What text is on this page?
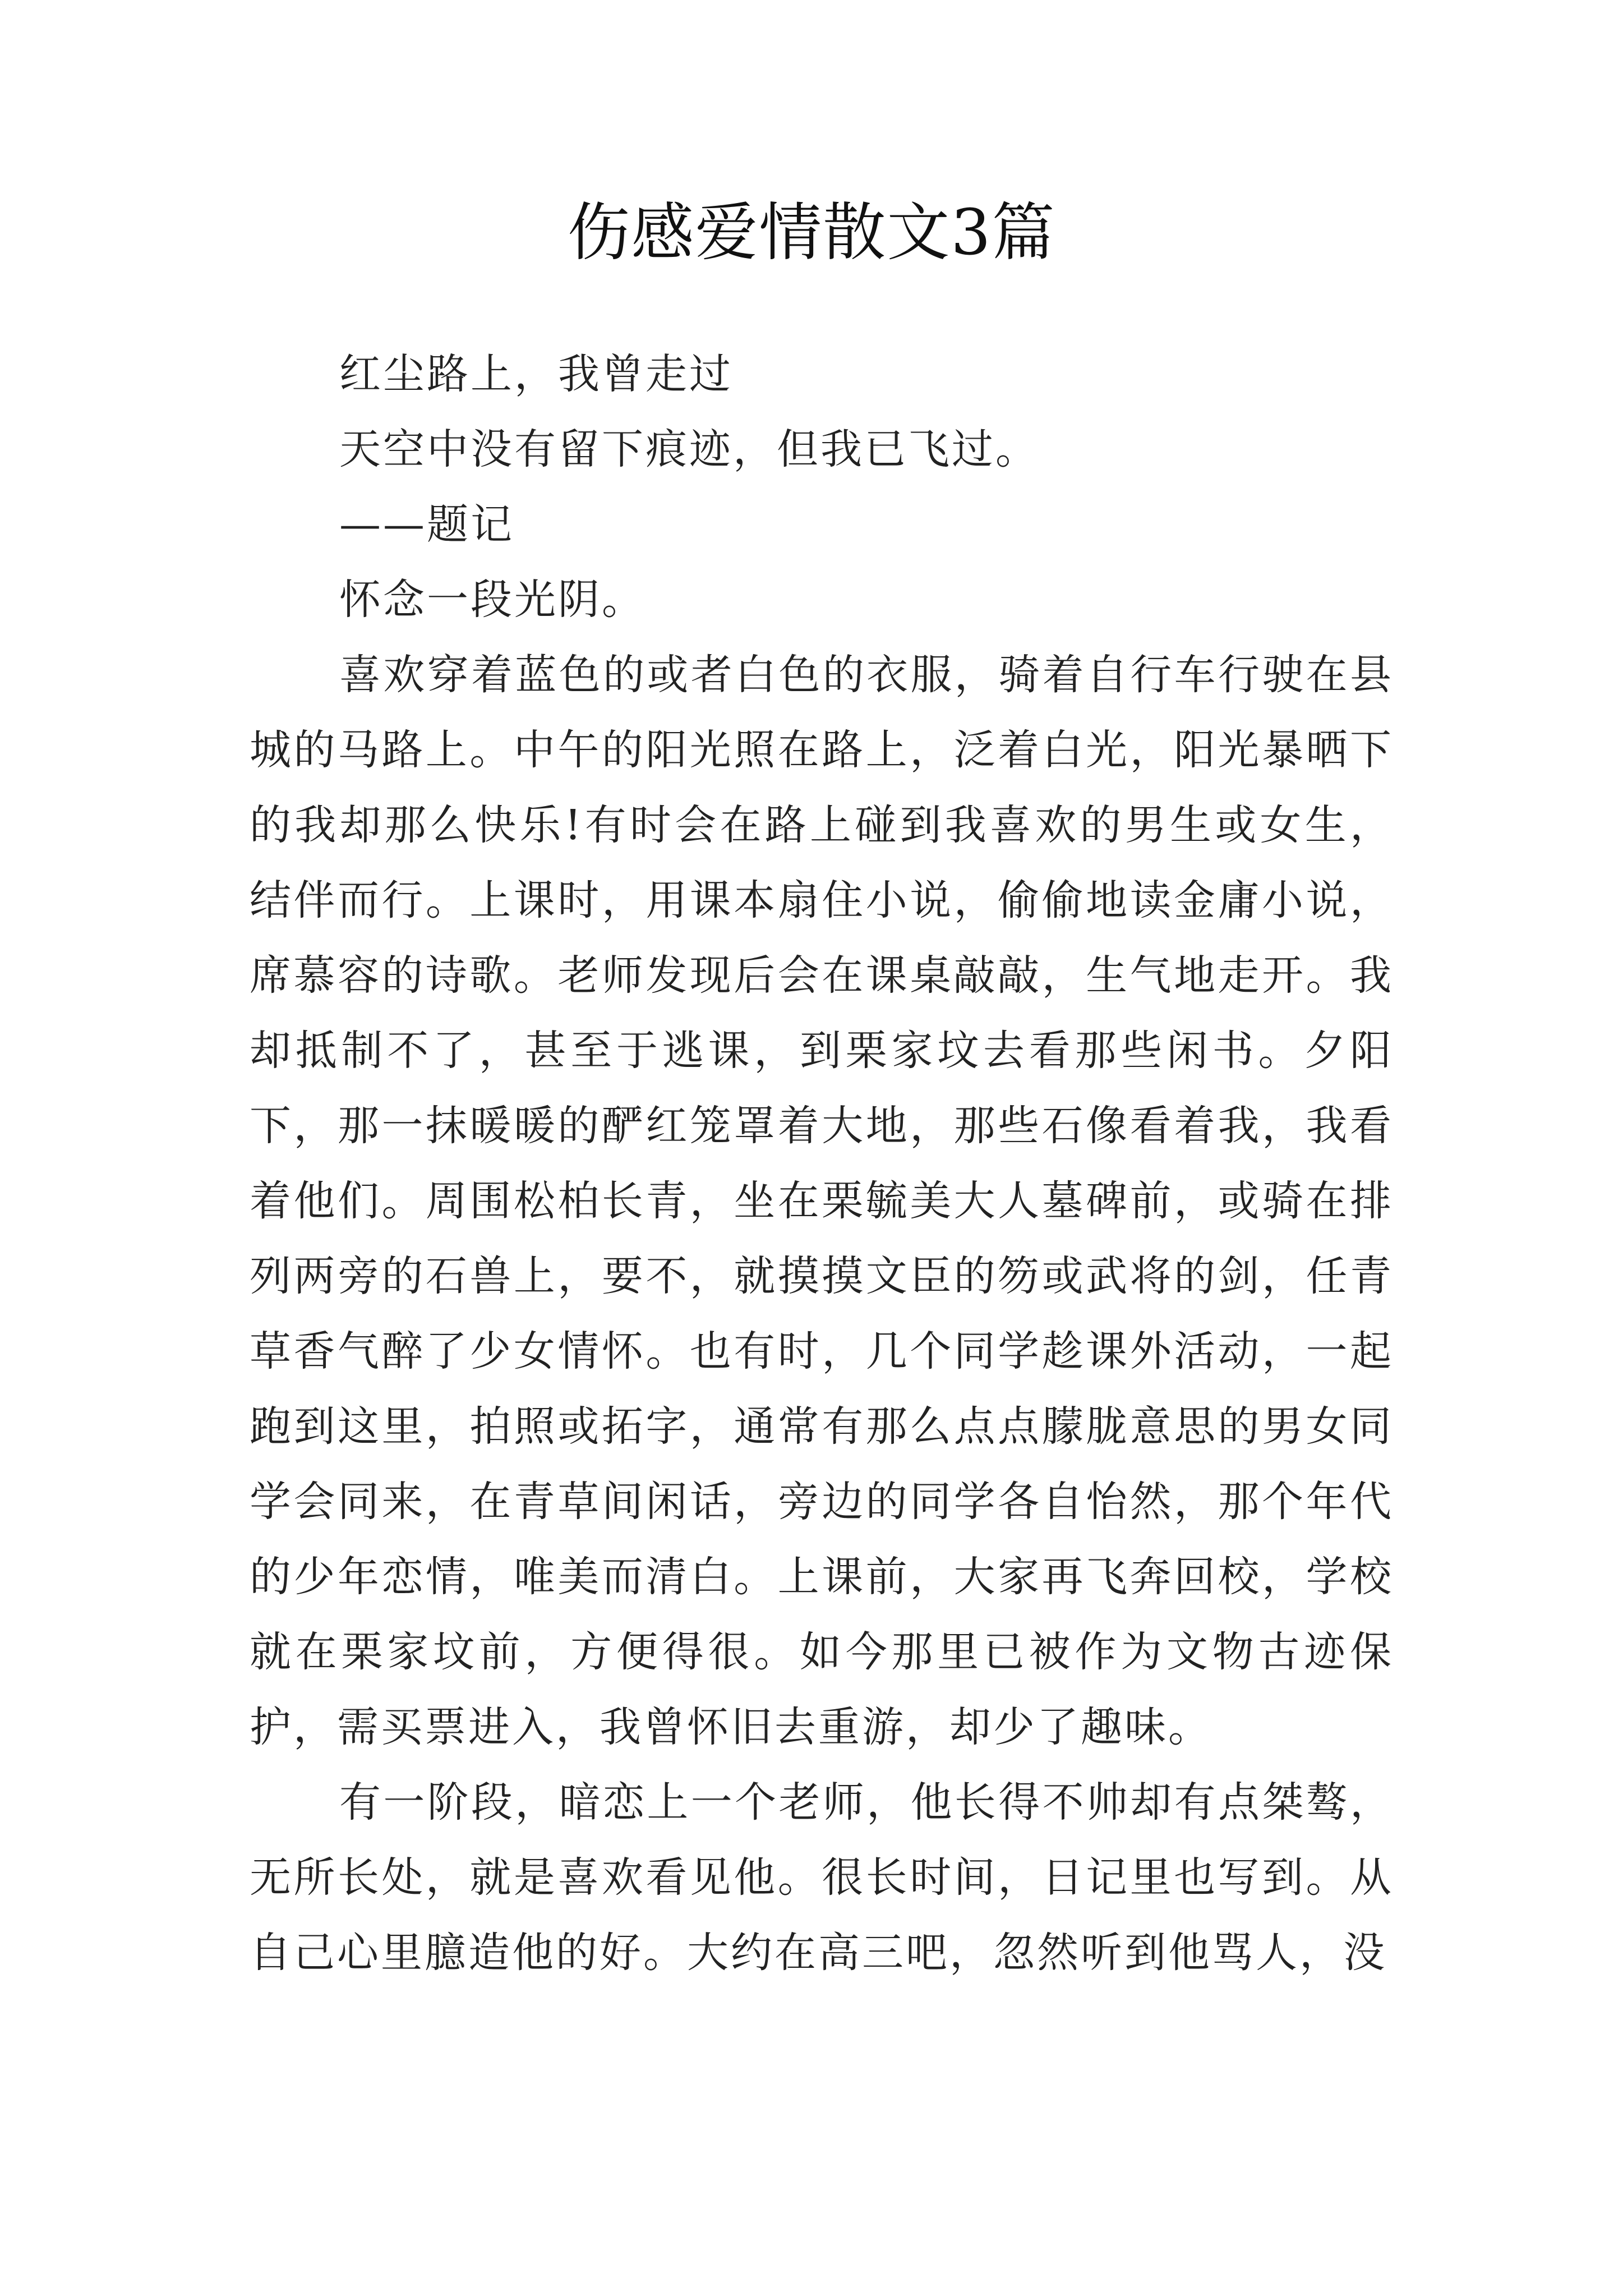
伤感爱情散文3篇

红尘路上，我曾走过

天空中没有留下痕迹，但我已飞过。

——题记

怀念一段光阴。

喜欢穿着蓝色的或者白色的衣服，骑着自行车行驶在县城的马路上。中午的阳光照在路上，泛着白光，阳光暴晒下的我却那么快乐!有时会在路上碰到我喜欢的男生或女生，结伴而行。上课时，用课本扇住小说，偷偷地读金庸小说，席慕容的诗歌。老师发现后会在课桌敲敲，生气地走开。我却抵制不了，甚至于逃课，到栗家坟去看那些闲书。夕阳下，那一抹暖暖的酽红笼罩着大地，那些石像看着我，我看着他们。周围松柏长青，坐在栗毓美大人墓碑前，或骑在排列两旁的石兽上，要不，就摸摸文臣的笏或武将的剑，任青草香气醉了少女情怀。也有时，几个同学趁课外活动，一起跑到这里，拍照或拓字，通常有那么点点朦胧意思的男女同学会同来，在青草间闲话，旁边的同学各自怡然，那个年代的少年恋情，唯美而清白。上课前，大家再飞奔回校，学校就在栗家坟前，方便得很。如今那里已被作为文物古迹保护，需买票进入，我曾怀旧去重游，却少了趣味。

有一阶段，暗恋上一个老师，他长得不帅却有点桀骜，无所长处，就是喜欢看见他。很长时间，日记里也写到。从自己心里臆造他的好。大约在高三吧，忽然听到他骂人，没
